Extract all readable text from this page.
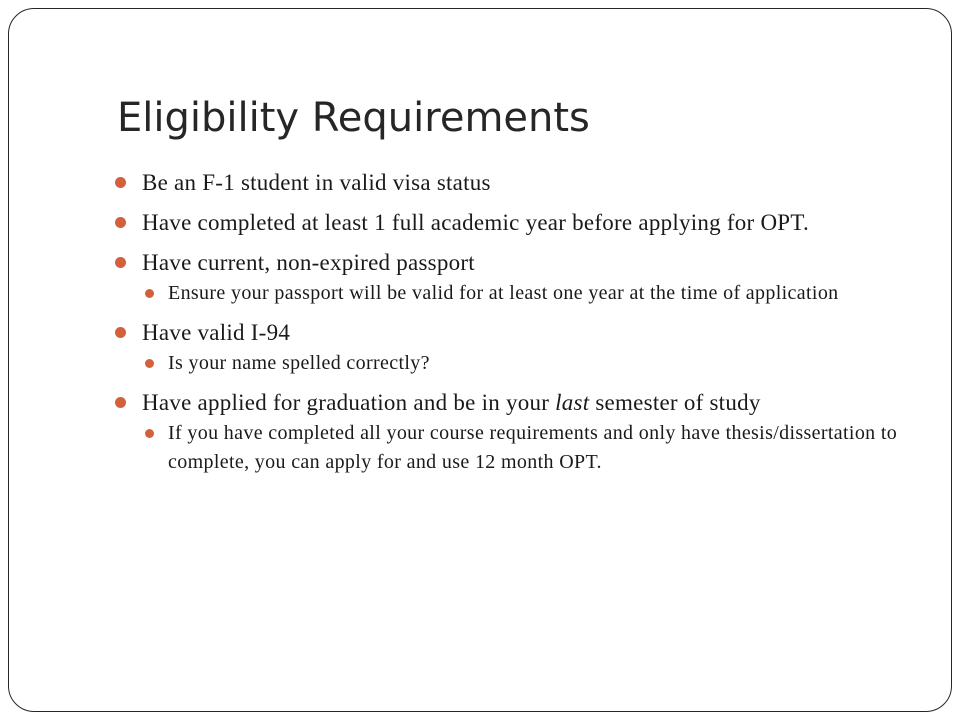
Eligibility Requirements
Be an F-1 student in valid visa status
Have completed at least 1 full academic year before applying for OPT.
Have current, non-expired passport
Ensure your passport will be valid for at least one year at the time of application
Have valid I-94
Is your name spelled correctly?
Have applied for graduation and be in your last semester of study
If you have completed all your course requirements and only have thesis/dissertation to complete, you can apply for and use 12 month OPT.
